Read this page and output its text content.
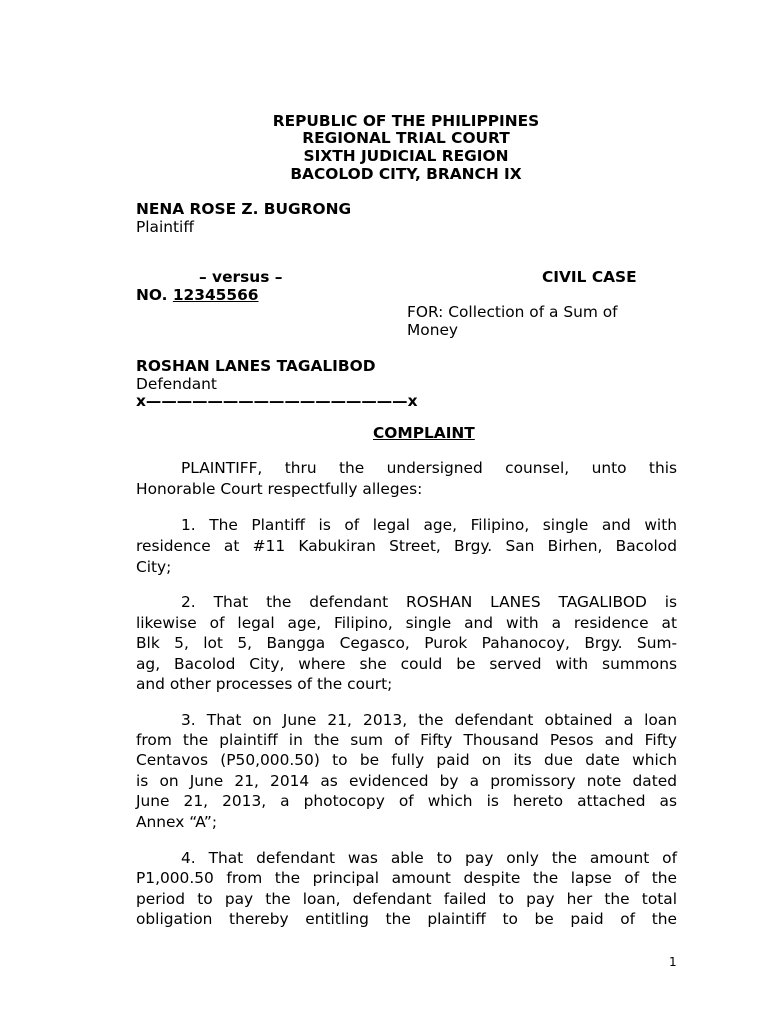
REPUBLIC OF THE PHILIPPINES
REGIONAL TRIAL COURT
SIXTH JUDICIAL REGION
BACOLOD CITY, BRANCH IX
NENA ROSE Z. BUGRONG
Plaintiff
– versus –	CIVIL CASE
NO. 12345566
FOR: Collection of a Sum of
Money
ROSHAN LANES TAGALIBOD
Defendant
x—————————————————x
COMPLAINT
PLAINTIFF, thru the undersigned counsel, unto this
Honorable Court respectfully alleges:
1. The Plantiff is of legal age, Filipino, single and with
residence at #11 Kabukiran Street, Brgy. San Birhen, Bacolod
City;
2. That the defendant ROSHAN LANES TAGALIBOD is
likewise of legal age, Filipino, single and with a residence at
Blk 5, lot 5, Bangga Cegasco, Purok Pahanocoy, Brgy. Sum-
ag, Bacolod City, where she could be served with summons
and other processes of the court;
3. That on June 21, 2013, the defendant obtained a loan
from the plaintiff in the sum of Fifty Thousand Pesos and Fifty
Centavos (P50,000.50) to be fully paid on its due date which
is on June 21, 2014 as evidenced by a promissory note dated
June 21, 2013, a photocopy of which is hereto attached as
Annex “A”;
4. That defendant was able to pay only the amount of
P1,000.50 from the principal amount despite the lapse of the
period to pay the loan, defendant failed to pay her the total
obligation thereby entitling the plaintiff to be paid of the
1
